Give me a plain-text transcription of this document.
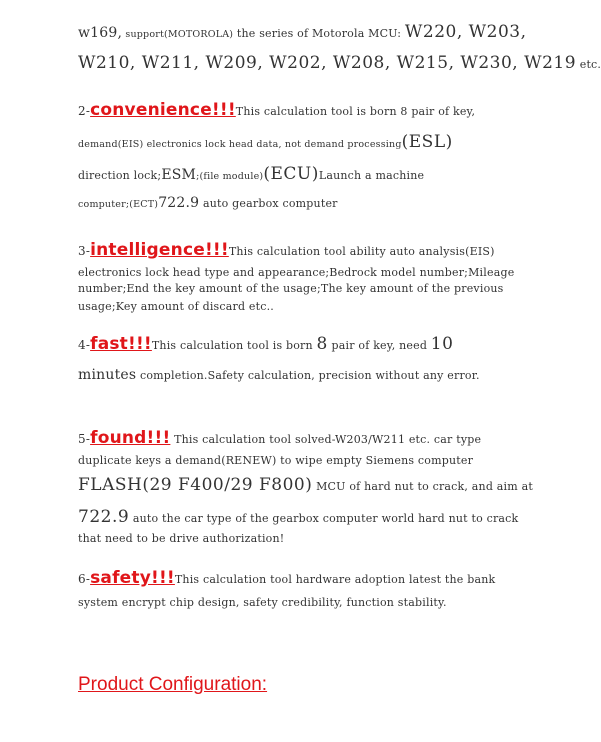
w169, support(MOTOROLA) the series of Motorola MCU: W220, W203,
W210, W211, W209, W202, W208, W215, W230, W219 etc.
2-convenience!!!This calculation tool is born 8 pair of key,
demand(EIS) electronics lock head data, not demand processing(ESL)
direction lock;ESM;(file module)(ECU)Launch a machine
computer;(ECT)722.9 auto gearbox computer
3-intelligence!!!This calculation tool ability auto analysis(EIS)
electronics lock head type and appearance;Bedrock model number;Mileage
number;End the key amount of the usage;The key amount of the previous
usage;Key amount of discard etc..
4-fast!!!This calculation tool is born 8 pair of key, need 10
minutes completion.Safety calculation, precision without any error.
5-found!!! This calculation tool solved-W203/W211 etc. car type
duplicate keys a demand(RENEW) to wipe empty Siemens computer
FLASH(29 F400/29 F800) MCU of hard nut to crack, and aim at
722.9 auto the car type of the gearbox computer world hard nut to crack
that need to be drive authorization!
6-safety!!!This calculation tool hardware adoption latest the bank
system encrypt chip design, safety credibility, function stability.
Product Configuration:
